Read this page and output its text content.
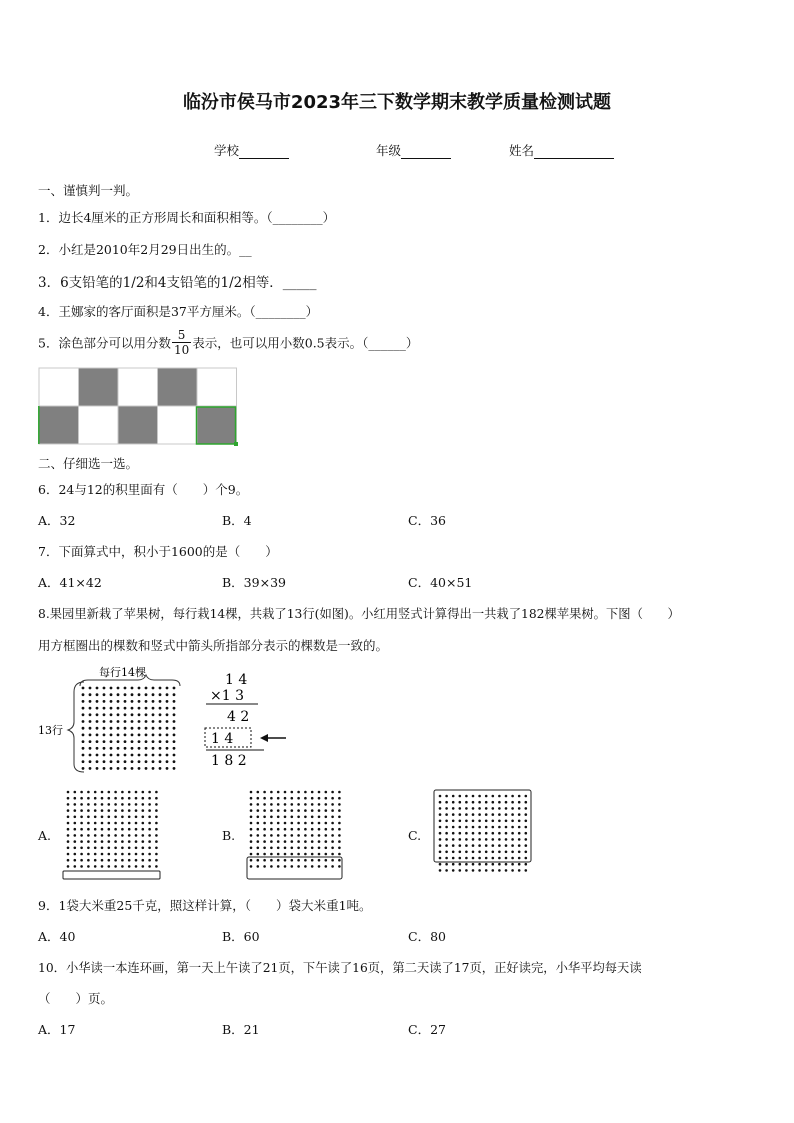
临汾市侯马市2023年三下数学期末教学质量检测试题
学校	年级	姓名
一、谨慎判一判。
1．边长4厘米的正方形周长和面积相等。（________）
2．小红是2010年2月29日出生的。__
3．6支铅笔的1/2和4支铅笔的1/2相等．_____
4．王娜家的客厅面积是37平方厘米。（________）
5．涂色部分可以用分数 $\frac{5}{10}$ 表示，也可以用小数0.5表示。（______）
二、仔细选一选。
6．24与12的积里面有（　　）个9。
A．32	B．4	C．36
7．下面算式中，积小于1600的是（　　）
A．41×42	B．39×39	C．40×51
8.果园里新栽了苹果树，每行栽14棵，共栽了13行(如图)。小红用竖式计算得出一共栽了182棵苹果树。下图（　　）
用方框圈出的棵数和竖式中箭头所指部分表示的棵数是一致的。
每行14棵
13行
1 4
×1 3
4 2
1 4
1 8 2
A.	B.	C.
9．1袋大米重25千克，照这样计算，（　　）袋大米重1吨。
A．40	B．60	C．80
10．小华读一本连环画，第一天上午读了21页，下午读了16页，第二天读了17页，正好读完，小华平均每天读
（　　）页。
A．17	B．21	C．27
